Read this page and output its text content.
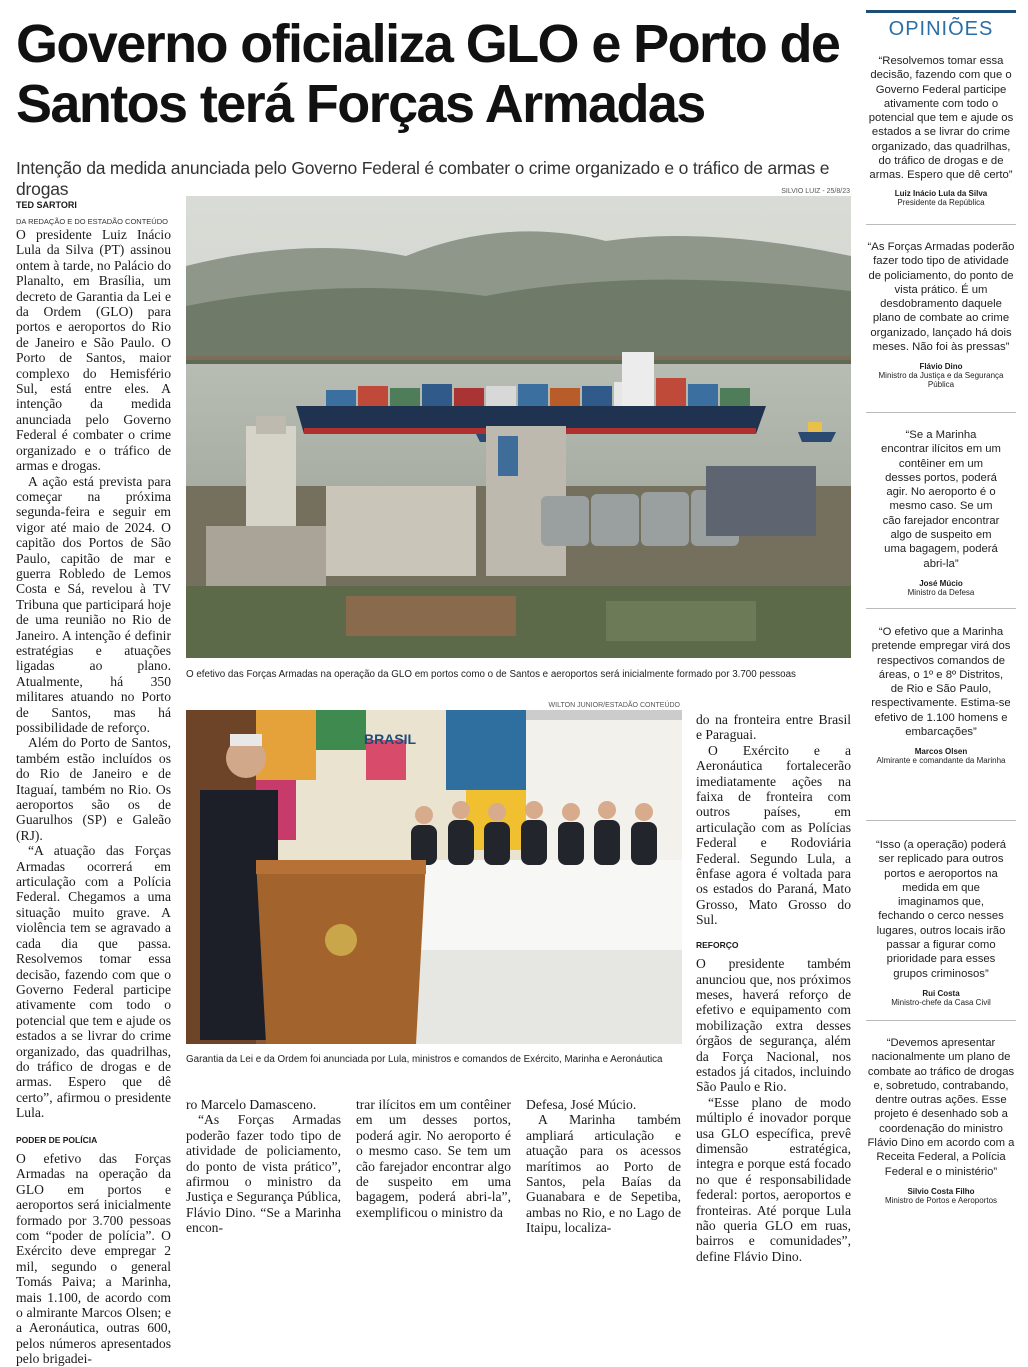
Governo oficializa GLO e Porto de Santos terá Forças Armadas

Intenção da medida anunciada pelo Governo Federal é combater o crime organizado e o tráfico de armas e drogas

TED SARTORI
DA REDAÇÃO E DO ESTADÃO CONTEÚDO

O presidente Luiz Inácio Lula da Silva (PT) assinou ontem à tarde, no Palácio do Planalto, em Brasília, um decreto de Garantia da Lei e da Ordem (GLO) para portos e aeroportos do Rio de Janeiro e São Paulo. O Porto de Santos, maior complexo do Hemisfério Sul, está entre eles. A intenção da medida anunciada pelo Governo Federal é combater o crime organizado e o tráfico de armas e drogas.

A ação está prevista para começar na próxima segunda-feira e seguir em vigor até maio de 2024. O capitão dos Portos de São Paulo, capitão de mar e guerra Robledo de Lemos Costa e Sá, revelou à TV Tribuna que participará hoje de uma reunião no Rio de Janeiro. A intenção é definir estratégias e atuações ligadas ao plano. Atualmente, há 350 militares atuando no Porto de Santos, mas há possibilidade de reforço.

Além do Porto de Santos, também estão incluídos os do Rio de Janeiro e de Itaguaí, também no Rio. Os aeroportos são os de Guarulhos (SP) e Galeão (RJ).

“A atuação das Forças Armadas ocorrerá em articulação com a Polícia Federal. Chegamos a uma situação muito grave. A violência tem se agravado a cada dia que passa. Resolvemos tomar essa decisão, fazendo com que o Governo Federal participe ativamente com todo o potencial que tem e ajude os estados a se livrar do crime organizado, das quadrilhas, do tráfico de drogas e de armas. Espero que dê certo”, afirmou o presidente Lula.

PODER DE POLÍCIA

O efetivo das Forças Armadas na operação da GLO em portos e aeroportos será inicialmente formado por 3.700 pessoas com “poder de polícia”. O Exército deve empregar 2 mil, segundo o general Tomás Paiva; a Marinha, mais 1.100, de acordo com o almirante Marcos Olsen; e a Aeronáutica, outras 600, pelos números apresentados pelo brigadei-

SILVIO LUIZ - 25/8/23
O efetivo das Forças Armadas na operação da GLO em portos como o de Santos e aeroportos será inicialmente formado por 3.700 pessoas
WILTON JUNIOR/ESTADÃO CONTEÚDO
BRASIL
Garantia da Lei e da Ordem foi anunciada por Lula, ministros e comandos de Exército, Marinha e Aeronáutica

ro Marcelo Damasceno.

“As Forças Armadas poderão fazer todo tipo de atividade de policiamento, do ponto de vista prático”, afirmou o ministro da Justiça e Segurança Pública, Flávio Dino. “Se a Marinha encon-

trar ilícitos em um contêiner em um desses portos, poderá agir. No aeroporto é o mesmo caso. Se tem um cão farejador encontrar algo de suspeito em uma bagagem, poderá abri-la”, exemplificou o ministro da

Defesa, José Múcio.

A Marinha também ampliará articulação e atuação para os acessos marítimos ao Porto de Santos, pela Baías da Guanabara e de Sepetiba, ambas no Rio, e no Lago de Itaipu, localiza-

do na fronteira entre Brasil e Paraguai.

O Exército e a Aeronáutica fortalecerão imediatamente ações na faixa de fronteira com outros países, em articulação com as Polícias Federal e Rodoviária Federal. Segundo Lula, a ênfase agora é voltada para os estados do Paraná, Mato Grosso, Mato Grosso do Sul.

REFORÇO

O presidente também anunciou que, nos próximos meses, haverá reforço de efetivo e equipamento com mobilização extra desses órgãos de segurança, além da Força Nacional, nos estados já citados, incluindo São Paulo e Rio.

“Esse plano de modo múltiplo é inovador porque usa GLO específica, prevê dimensão estratégica, integra e porque está focado no que é responsabilidade federal: portos, aeroportos e fronteiras. Até porque Lula não queria GLO em ruas, bairros e comunidades”, define Flávio Dino.

OPINIÕES

“Resolvemos tomar essa decisão, fazendo com que o Governo Federal participe ativamente com todo o potencial que tem e ajude os estados a se livrar do crime organizado, das quadrilhas, do tráfico de drogas e de armas. Espero que dê certo”

Luiz Inácio Lula da Silva

Presidente da República

“As Forças Armadas poderão fazer todo tipo de atividade de policiamento, do ponto de vista prático. É um desdobramento daquele plano de combate ao crime organizado, lançado há dois meses. Não foi às pressas”

Flávio Dino

Ministro da Justiça e da Segurança Pública

“Se a Marinha encontrar ilícitos em um contêiner em um desses portos, poderá agir. No aeroporto é o mesmo caso. Se um cão farejador encontrar algo de suspeito em uma bagagem, poderá abri-la”

José Múcio

Ministro da Defesa

“O efetivo que a Marinha pretende empregar virá dos respectivos comandos de áreas, o 1º e 8º Distritos, de Rio e São Paulo, respectivamente. Estima-se efetivo de 1.100 homens e embarcações”

Marcos Olsen

Almirante e comandante da Marinha

“Isso (a operação) poderá ser replicado para outros portos e aeroportos na medida em que imaginamos que, fechando o cerco nesses lugares, outros locais irão passar a figurar como prioridade para esses grupos criminosos”

Rui Costa

Ministro-chefe da Casa Civil

“Devemos apresentar nacionalmente um plano de combate ao tráfico de drogas e, sobretudo, contrabando, dentre outras ações. Esse projeto é desenhado sob a coordenação do ministro Flávio Dino em acordo com a Receita Federal, a Polícia Federal e o ministério”

Silvio Costa Filho

Ministro de Portos e Aeroportos
